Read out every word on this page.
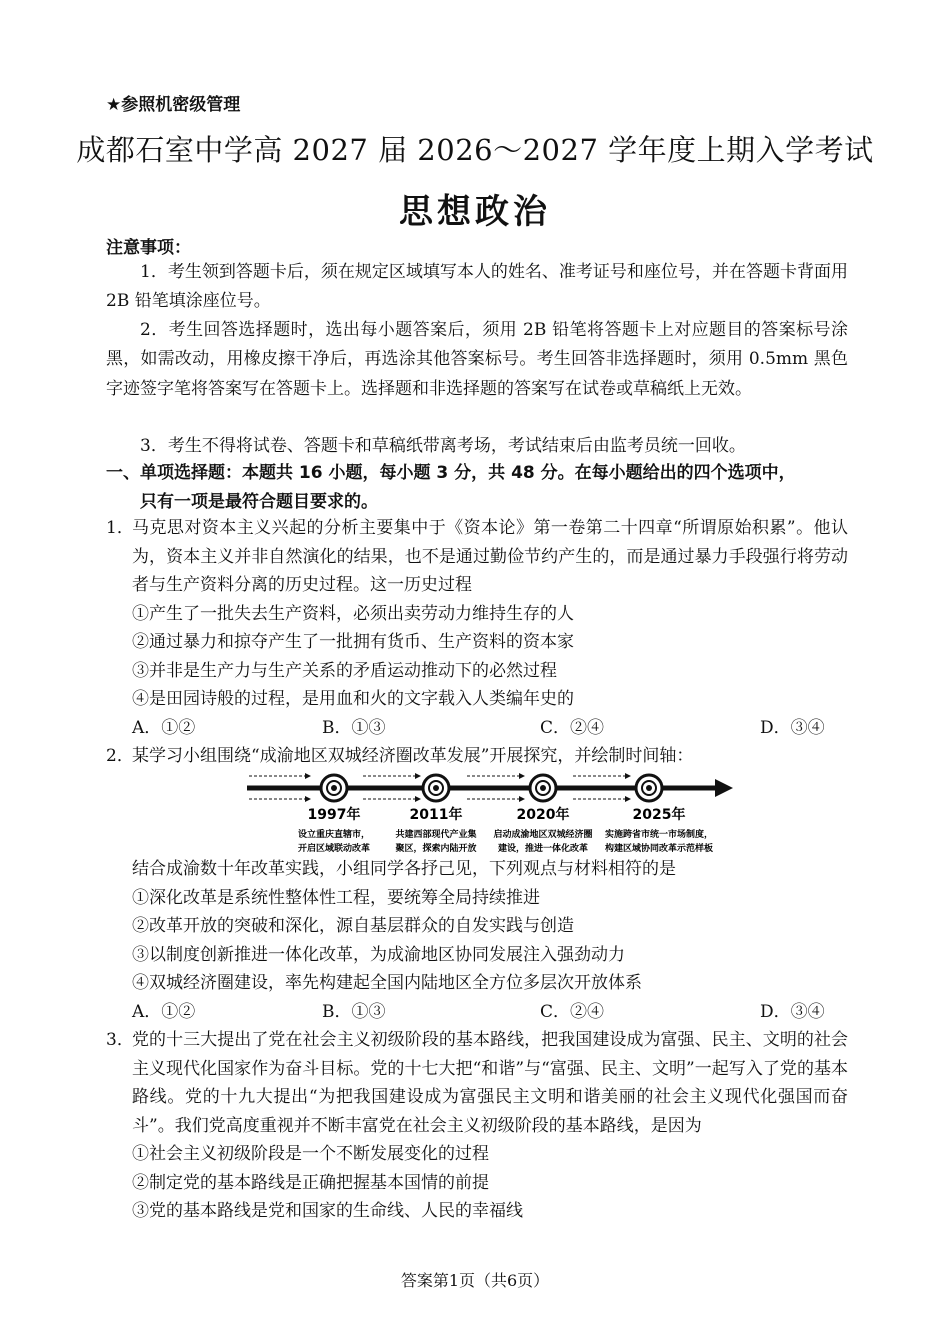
★参照机密级管理
成都石室中学高 2027 届 2026～2027 学年度上期入学考试
思想政治
注意事项：
1．考生领到答题卡后，须在规定区域填写本人的姓名、准考证号和座位号，并在答题卡背面用 2B 铅笔填涂座位号。
2．考生回答选择题时，选出每小题答案后，须用 2B 铅笔将答题卡上对应题目的答案标号涂黑，如需改动，用橡皮擦干净后，再选涂其他答案标号。考生回答非选择题时，须用 0.5mm 黑色字迹签字笔将答案写在答题卡上。选择题和非选择题的答案写在试卷或草稿纸上无效。
3．考生不得将试卷、答题卡和草稿纸带离考场，考试结束后由监考员统一回收。
一、单项选择题：本题共 16 小题，每小题 3 分，共 48 分。在每小题给出的四个选项中，
只有一项是最符合题目要求的。
1．
马克思对资本主义兴起的分析主要集中于《资本论》第一卷第二十四章“所谓原始积累”。他认为，资本主义并非自然演化的结果，也不是通过勤俭节约产生的，而是通过暴力手段强行将劳动者与生产资料分离的历史过程。这一历史过程
①产生了一批失去生产资料，必须出卖劳动力维持生存的人
②通过暴力和掠夺产生了一批拥有货币、生产资料的资本家
③并非是生产力与生产关系的矛盾运动推动下的必然过程
④是田园诗般的过程，是用血和火的文字载入人类编年史的
A．①②	B．①③	C．②④	D．③④
2．
某学习小组围绕“成渝地区双城经济圈改革发展”开展探究，并绘制时间轴：
1997年
设立重庆直辖市，
开启区域联动改革
2011年
共建西部现代产业集
聚区，探索内陆开放
2020年
启动成渝地区双城经济圈
建设，推进一体化改革
2025年
实施跨省市统一市场制度，
构建区域协同改革示范样板
结合成渝数十年改革实践，小组同学各抒己见，下列观点与材料相符的是
①深化改革是系统性整体性工程，要统筹全局持续推进
②改革开放的突破和深化，源自基层群众的自发实践与创造
③以制度创新推进一体化改革，为成渝地区协同发展注入强劲动力
④双城经济圈建设，率先构建起全国内陆地区全方位多层次开放体系
A．①②	B．①③	C．②④	D．③④
3．
党的十三大提出了党在社会主义初级阶段的基本路线，把我国建设成为富强、民主、文明的社会主义现代化国家作为奋斗目标。党的十七大把“和谐”与“富强、民主、文明”一起写入了党的基本路线。党的十九大提出“为把我国建设成为富强民主文明和谐美丽的社会主义现代化强国而奋斗”。我们党高度重视并不断丰富党在社会主义初级阶段的基本路线，是因为
①社会主义初级阶段是一个不断发展变化的过程
②制定党的基本路线是正确把握基本国情的前提
③党的基本路线是党和国家的生命线、人民的幸福线
答案第1页（共6页）
